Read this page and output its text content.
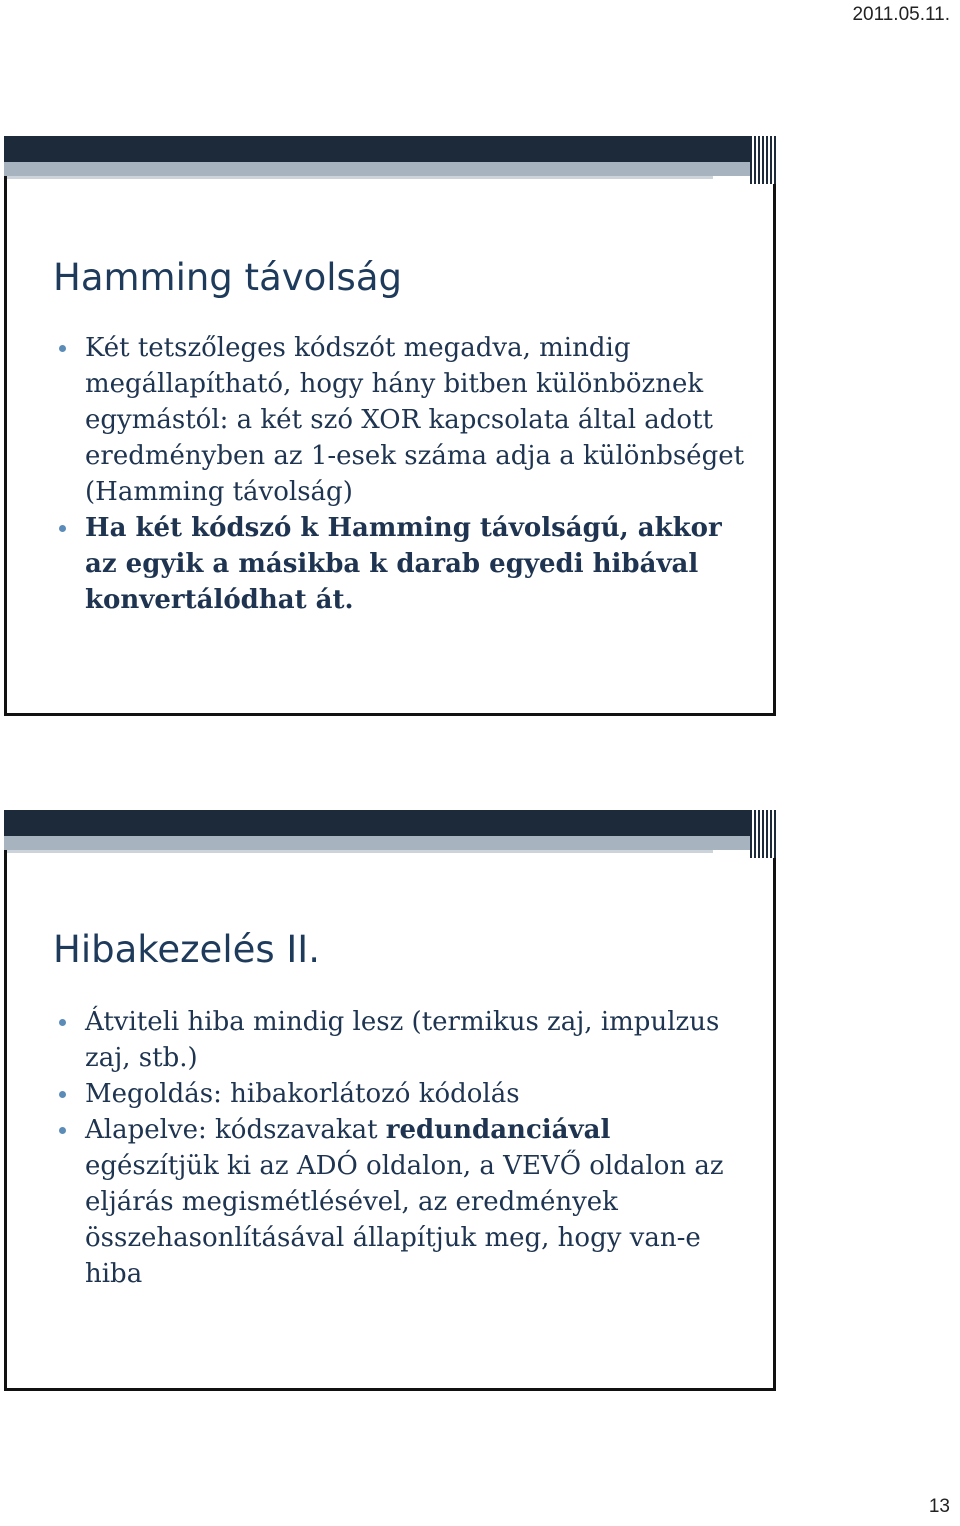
2011.05.11.
Hamming távolság
Két tetszőleges kódszót megadva, mindig megállapítható, hogy hány bitben különböznek egymástól: a két szó XOR kapcsolata által adott eredményben az 1-esek száma adja a különbséget (Hamming távolság)
Ha két kódszó k Hamming távolságú, akkor az egyik a másikba k darab egyedi hibával konvertálódhat át.
Hibakezelés II.
Átviteli hiba mindig lesz (termikus zaj, impulzus zaj, stb.)
Megoldás: hibakorlátozó kódolás
Alapelve: kódszavakat redundanciával egészítjük ki az ADÓ oldalon, a VEVŐ oldalon az eljárás megismétlésével, az eredmények összehasonlításával állapítjuk meg, hogy van-e hiba
13
